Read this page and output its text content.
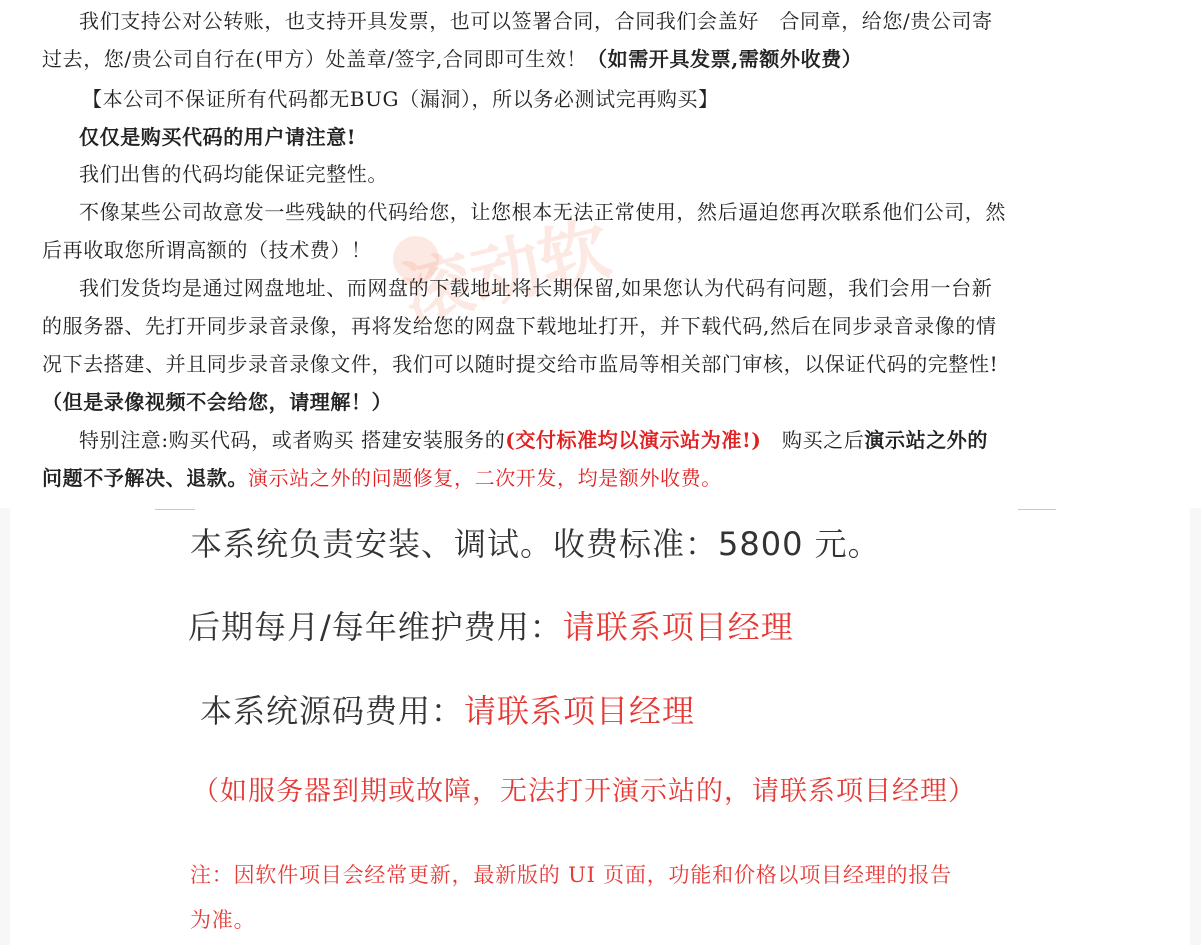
滚动软
我们支持公对公转账，也支持开具发票，也可以签署合同，合同我们会盖好　合同章，给您/贵公司寄
过去，您/贵公司自行在(甲方）处盖章/签字,合同即可生效！（如需开具发票,需额外收费）
【本公司不保证所有代码都无BUG（漏洞），所以务必测试完再购买】
仅仅是购买代码的用户请注意!
我们出售的代码均能保证完整性。
不像某些公司故意发一些残缺的代码给您，让您根本无法正常使用，然后逼迫您再次联系他们公司，然
后再收取您所谓高额的（技术费）！
我们发货均是通过网盘地址、而网盘的下载地址将长期保留,如果您认为代码有问题，我们会用一台新
的服务器、先打开同步录音录像，再将发给您的网盘下载地址打开，并下载代码,然后在同步录音录像的情
况下去搭建、并且同步录音录像文件，我们可以随时提交给市监局等相关部门审核，以保证代码的完整性!
（但是录像视频不会给您，请理解！）
特别注意:购买代码，或者购买 搭建安装服务的(交付标准均以演示站为准!)　购买之后演示站之外的
问题不予解决、退款。演示站之外的问题修复，二次开发，均是额外收费。
本系统负责安装、调试。收费标准：5800 元。
后期每月/每年维护费用：请联系项目经理
本系统源码费用：请联系项目经理
（如服务器到期或故障，无法打开演示站的，请联系项目经理）
注：因软件项目会经常更新，最新版的 UI 页面，功能和价格以项目经理的报告
为准。
